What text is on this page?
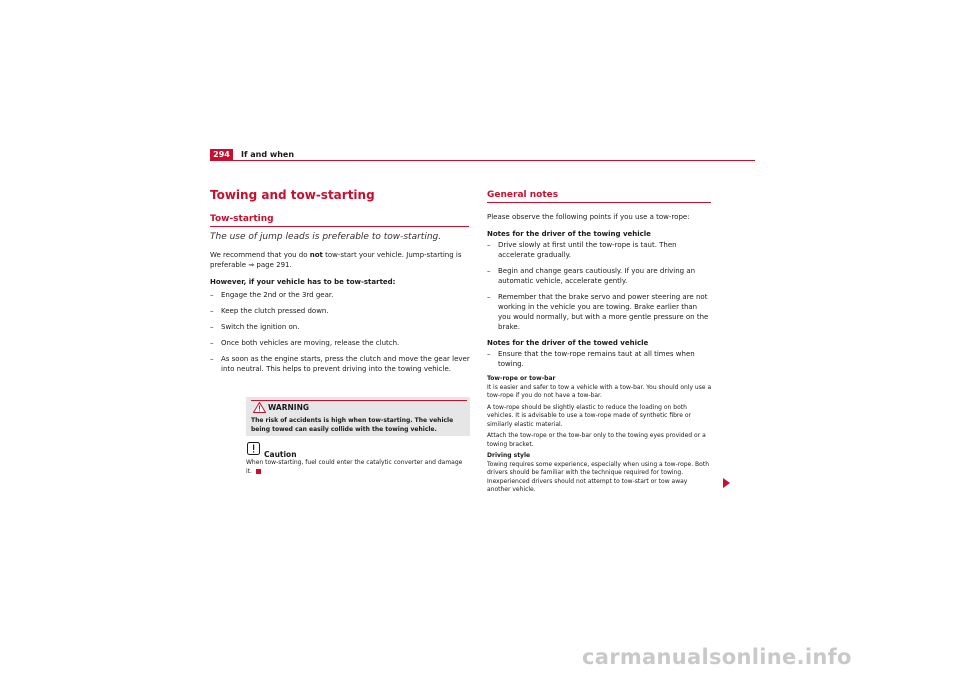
294	If and when
Towing and tow-starting
Tow-starting
The use of jump leads is preferable to tow-starting.

We recommend that you do not tow-start your vehicle. Jump-starting is preferable ⇒ page 291.

However, if your vehicle has to be tow-started:

– Engage the 2nd or the 3rd gear.
– Keep the clutch pressed down.
– Switch the ignition on.
– Once both vehicles are moving, release the clutch.
– As soon as the engine starts, press the clutch and move the gear lever into neutral. This helps to prevent driving into the towing vehicle.
WARNING
The risk of accidents is high when tow-starting. The vehicle being towed can easily collide with the towing vehicle.
Caution
When tow-starting, fuel could enter the catalytic converter and damage it.
General notes

Please observe the following points if you use a tow-rope:

Notes for the driver of the towing vehicle

– Drive slowly at first until the tow-rope is taut. Then accelerate gradually.
– Begin and change gears cautiously. If you are driving an automatic vehicle, accelerate gently.
– Remember that the brake servo and power steering are not working in the vehicle you are towing. Brake earlier than you would normally, but with a more gentle pressure on the brake.

Notes for the driver of the towed vehicle

– Ensure that the tow-rope remains taut at all times when towing.
Tow-rope or tow-bar
It is easier and safer to tow a vehicle with a tow-bar. You should only use a tow-rope if you do not have a tow-bar.
A tow-rope should be slightly elastic to reduce the loading on both vehicles. It is advisable to use a tow-rope made of synthetic fibre or similarly elastic material.
Attach the tow-rope or the tow-bar only to the towing eyes provided or a towing bracket.
Driving style
Towing requires some experience, especially when using a tow-rope. Both drivers should be familiar with the technique required for towing. Inexperienced drivers should not attempt to tow-start or tow away another vehicle.
carmanualsonline.info
